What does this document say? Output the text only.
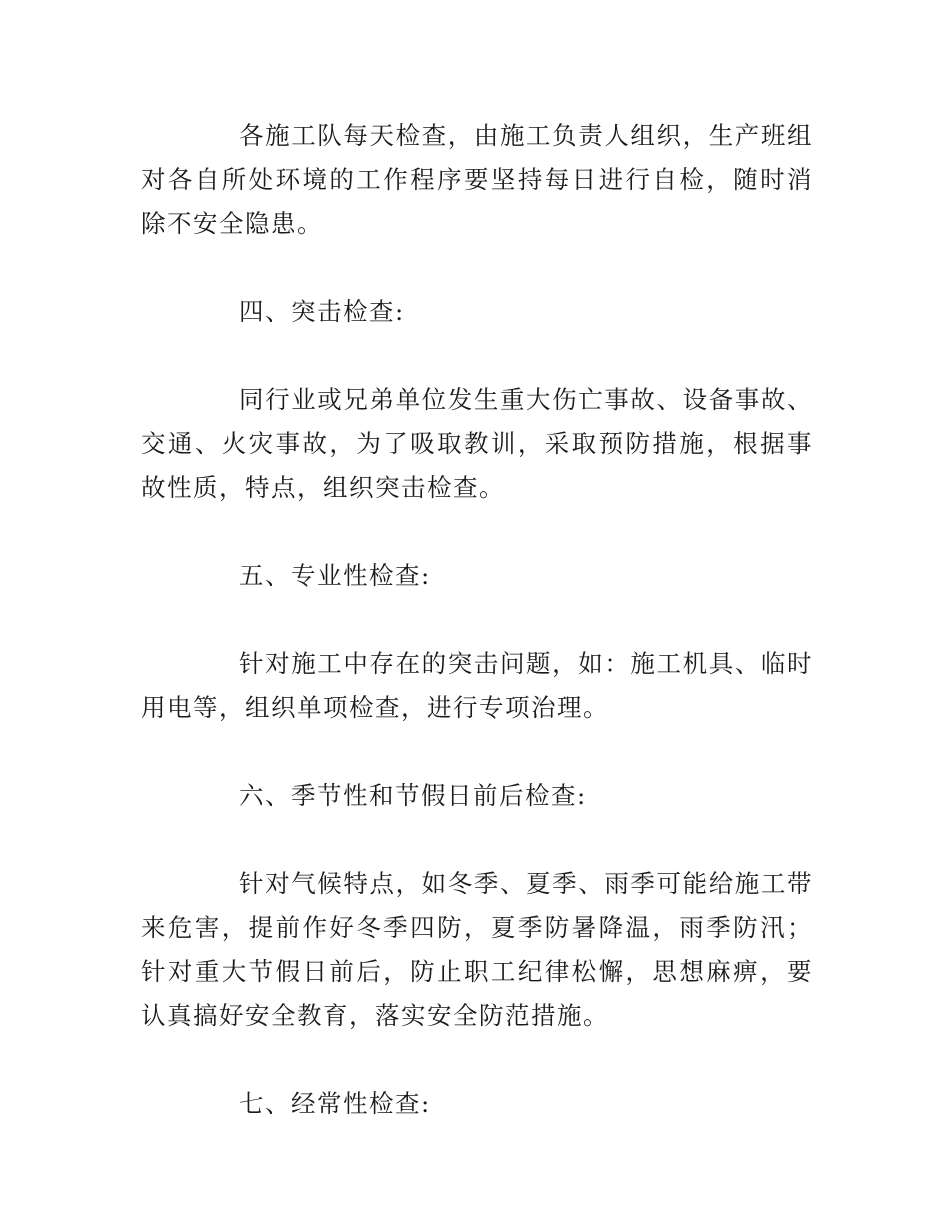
各施工队每天检查，由施工负责人组织，生产班组对各自所处环境的工作程序要坚持每日进行自检，随时消除不安全隐患。

四、突击检查:

同行业或兄弟单位发生重大伤亡事故、设备事故、交通、火灾事故，为了吸取教训，采取预防措施，根据事故性质，特点，组织突击检查。

五、专业性检查:

针对施工中存在的突击问题，如：施工机具、临时用电等，组织单项检查，进行专项治理。

六、季节性和节假日前后检查:

针对气候特点，如冬季、夏季、雨季可能给施工带来危害，提前作好冬季四防，夏季防暑降温，雨季防汛；针对重大节假日前后，防止职工纪律松懈，思想麻痹，要认真搞好安全教育，落实安全防范措施。

七、经常性检查:
